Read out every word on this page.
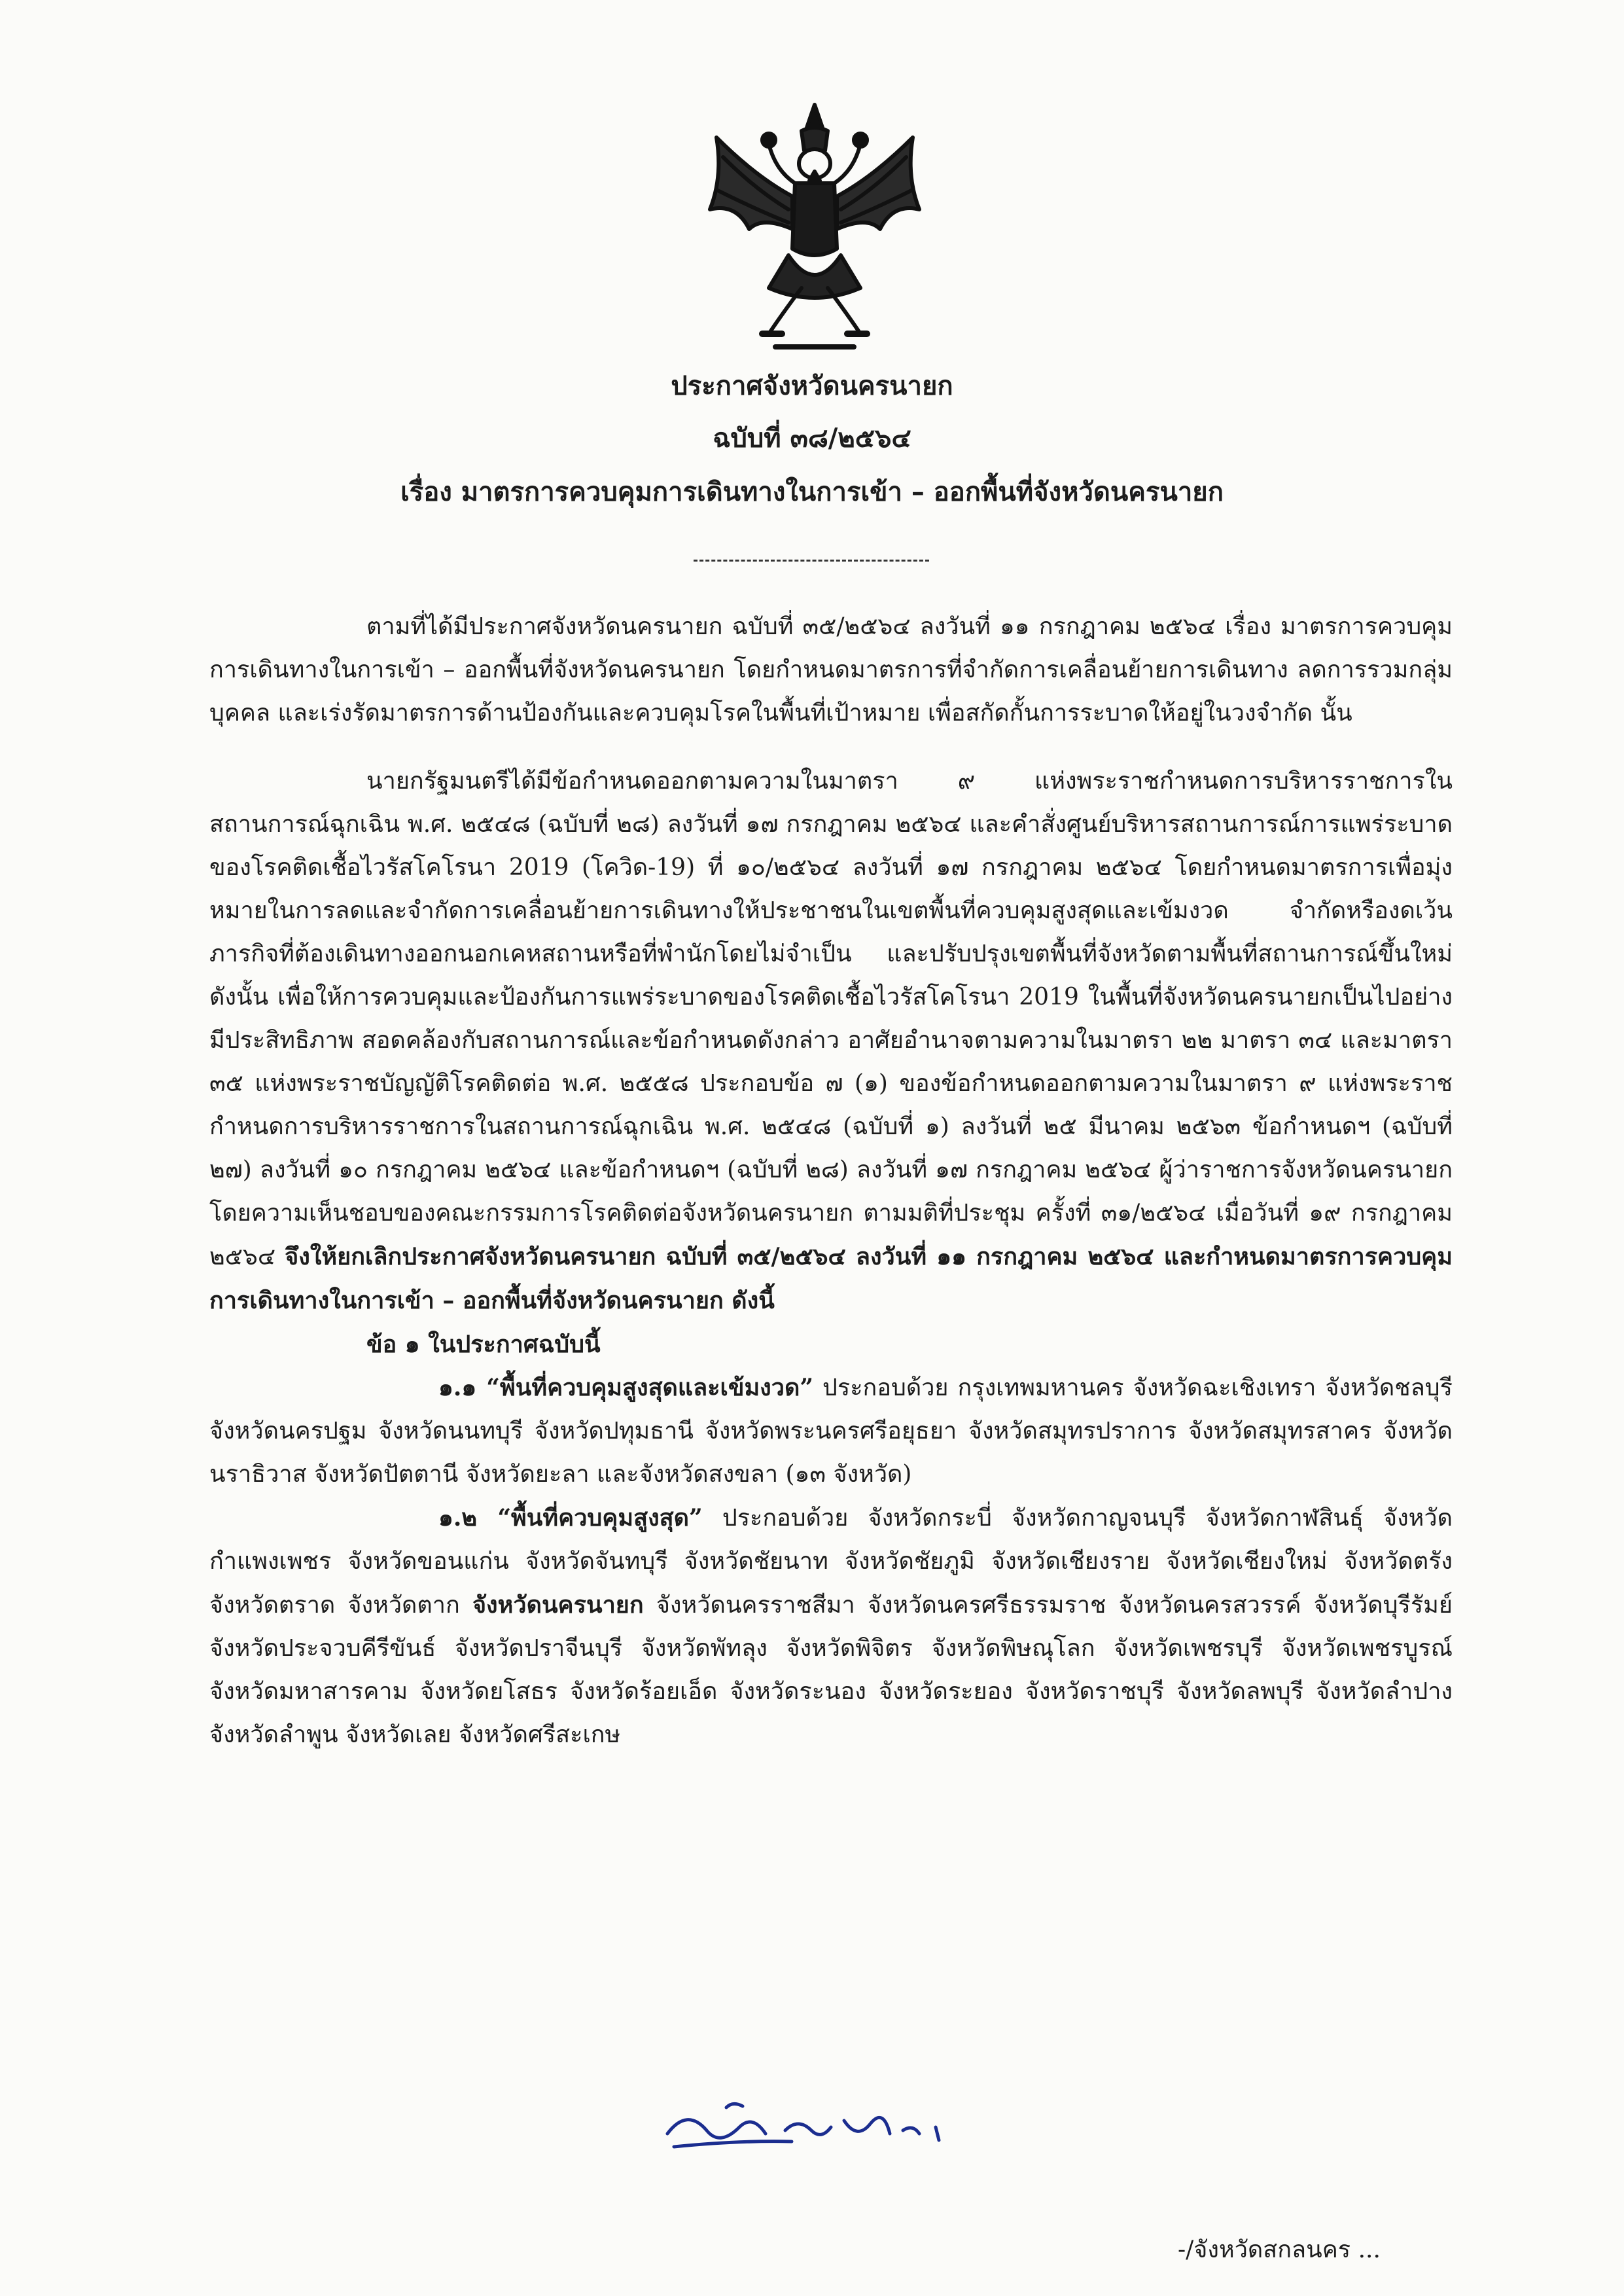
ประกาศจังหวัดนครนายก
ฉบับที่ ๓๘/๒๕๖๔
เรื่อง มาตรการควบคุมการเดินทางในการเข้า – ออกพื้นที่จังหวัดนครนายก

ตามที่ได้มีประกาศจังหวัดนครนายก ฉบับที่ ๓๕/๒๕๖๔ ลงวันที่ ๑๑ กรกฎาคม ๒๕๖๔ เรื่อง มาตรการควบคุมการเดินทางในการเข้า – ออกพื้นที่จังหวัดนครนายก โดยกำหนดมาตรการที่จำกัดการเคลื่อนย้ายการเดินทาง ลดการรวมกลุ่มบุคคล และเร่งรัดมาตรการด้านป้องกันและควบคุมโรคในพื้นที่เป้าหมาย เพื่อสกัดกั้นการระบาดให้อยู่ในวงจำกัด นั้น

นายกรัฐมนตรีได้มีข้อกำหนดออกตามความในมาตรา ๙ แห่งพระราชกำหนดการบริหารราชการในสถานการณ์ฉุกเฉิน พ.ศ. ๒๕๔๘ (ฉบับที่ ๒๘) ลงวันที่ ๑๗ กรกฎาคม ๒๕๖๔ และคำสั่งศูนย์บริหารสถานการณ์การแพร่ระบาดของโรคติดเชื้อไวรัสโคโรนา 2019 (โควิด-19) ที่ ๑๐/๒๕๖๔ ลงวันที่ ๑๗ กรกฎาคม ๒๕๖๔ โดยกำหนดมาตรการเพื่อมุ่งหมายในการลดและจำกัดการเคลื่อนย้ายการเดินทางให้ประชาชนในเขตพื้นที่ควบคุมสูงสุดและเข้มงวด จำกัดหรืองดเว้นภารกิจที่ต้องเดินทางออกนอกเคหสถานหรือที่พำนักโดยไม่จำเป็น และปรับปรุงเขตพื้นที่จังหวัดตามพื้นที่สถานการณ์ขึ้นใหม่ ดังนั้น เพื่อให้การควบคุมและป้องกันการแพร่ระบาดของโรคติดเชื้อไวรัสโคโรนา 2019 ในพื้นที่จังหวัดนครนายกเป็นไปอย่างมีประสิทธิภาพ สอดคล้องกับสถานการณ์และข้อกำหนดดังกล่าว อาศัยอำนาจตามความในมาตรา ๒๒ มาตรา ๓๔ และมาตรา ๓๕ แห่งพระราชบัญญัติโรคติดต่อ พ.ศ. ๒๕๕๘ ประกอบข้อ ๗ (๑) ของข้อกำหนดออกตามความในมาตรา ๙ แห่งพระราชกำหนดการบริหารราชการในสถานการณ์ฉุกเฉิน พ.ศ. ๒๕๔๘ (ฉบับที่ ๑) ลงวันที่ ๒๕ มีนาคม ๒๕๖๓ ข้อกำหนดฯ (ฉบับที่ ๒๗) ลงวันที่ ๑๐ กรกฎาคม ๒๕๖๔ และข้อกำหนดฯ (ฉบับที่ ๒๘) ลงวันที่ ๑๗ กรกฎาคม ๒๕๖๔ ผู้ว่าราชการจังหวัดนครนายก โดยความเห็นชอบของคณะกรรมการโรคติดต่อจังหวัดนครนายก ตามมติที่ประชุม ครั้งที่ ๓๑/๒๕๖๔ เมื่อวันที่ ๑๙ กรกฎาคม ๒๕๖๔ จึงให้ยกเลิกประกาศจังหวัดนครนายก ฉบับที่ ๓๕/๒๕๖๔ ลงวันที่ ๑๑ กรกฎาคม ๒๕๖๔ และกำหนดมาตรการควบคุมการเดินทางในการเข้า – ออกพื้นที่จังหวัดนครนายก ดังนี้

ข้อ ๑ ในประกาศฉบับนี้

๑.๑ “พื้นที่ควบคุมสูงสุดและเข้มงวด” ประกอบด้วย กรุงเทพมหานคร จังหวัดฉะเชิงเทรา จังหวัดชลบุรี จังหวัดนครปฐม จังหวัดนนทบุรี จังหวัดปทุมธานี จังหวัดพระนครศรีอยุธยา จังหวัดสมุทรปราการ จังหวัดสมุทรสาคร จังหวัดนราธิวาส จังหวัดปัตตานี จังหวัดยะลา และจังหวัดสงขลา (๑๓ จังหวัด)

๑.๒ “พื้นที่ควบคุมสูงสุด” ประกอบด้วย จังหวัดกระบี่ จังหวัดกาญจนบุรี จังหวัดกาฬสินธุ์ จังหวัดกำแพงเพชร จังหวัดขอนแก่น จังหวัดจันทบุรี จังหวัดชัยนาท จังหวัดชัยภูมิ จังหวัดเชียงราย จังหวัดเชียงใหม่ จังหวัดตรัง จังหวัดตราด จังหวัดตาก จังหวัดนครนายก จังหวัดนครราชสีมา จังหวัดนครศรีธรรมราช จังหวัดนครสวรรค์ จังหวัดบุรีรัมย์ จังหวัดประจวบคีรีขันธ์ จังหวัดปราจีนบุรี จังหวัดพัทลุง จังหวัดพิจิตร จังหวัดพิษณุโลก จังหวัดเพชรบุรี จังหวัดเพชรบูรณ์ จังหวัดมหาสารคาม จังหวัดยโสธร จังหวัดร้อยเอ็ด จังหวัดระนอง จังหวัดระยอง จังหวัดราชบุรี จังหวัดลพบุรี จังหวัดลำปาง จังหวัดลำพูน จังหวัดเลย จังหวัดศรีสะเกษ

-/จังหวัดสกลนคร ...
